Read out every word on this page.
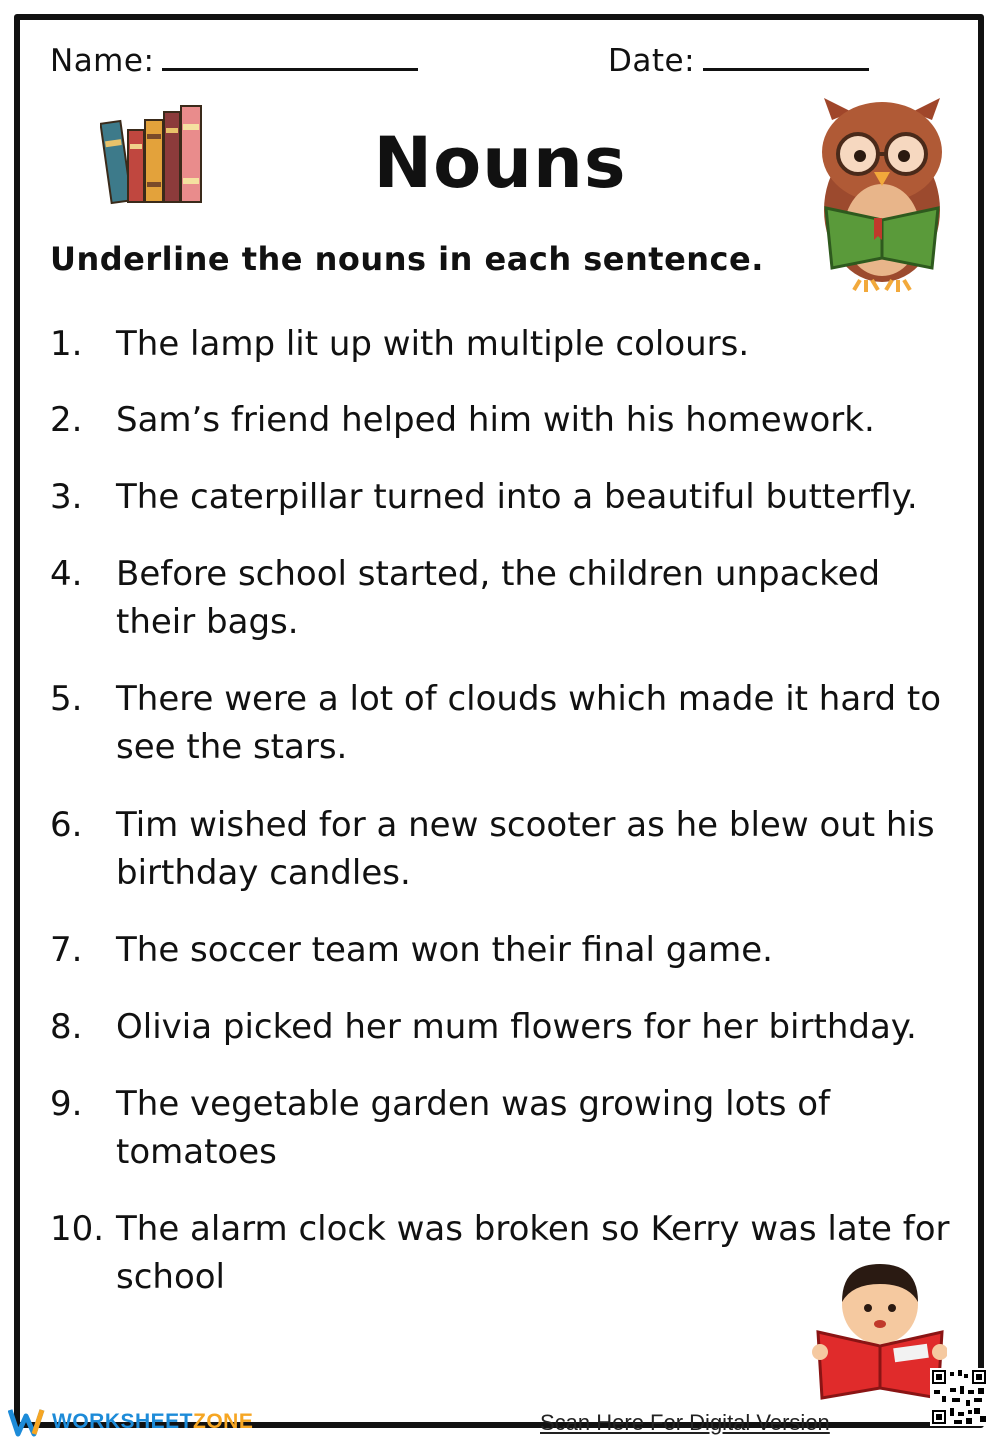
Name:	Date:
Nouns
Underline the nouns in each sentence.
1. The lamp lit up with multiple colours.
2. Sam’s friend helped him with his homework.
3. The caterpillar turned into a beautiful butterfly.
4. Before school started, the children unpacked their bags.
5. There were a lot of clouds which made it hard to see the stars.
6. Tim wished for a new scooter as he blew out his birthday candles.
7. The soccer team won their final game.
8. Olivia picked her mum flowers for her birthday.
9. The vegetable garden was growing lots of tomatoes
10. The alarm clock was broken so Kerry was late for school
WORKSHEETZONE	Scan Here For Digital Version
